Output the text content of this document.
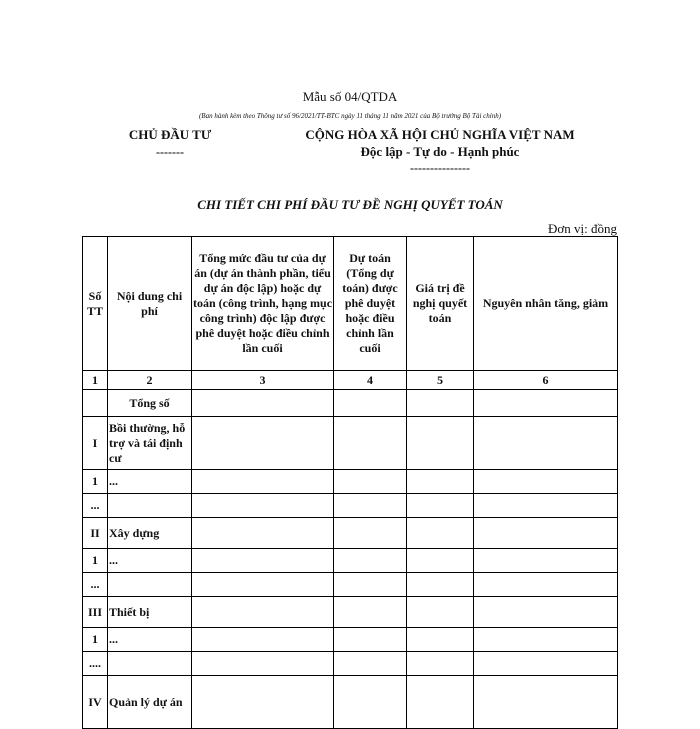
Mẫu số 04/QTDA
(Ban hành kèm theo Thông tư số 96/2021/TT-BTC ngày 11 tháng 11 năm 2021 của Bộ trưởng Bộ Tài chính)
CHỦ ĐẦU TƯ
-------
CỘNG HÒA XÃ HỘI CHỦ NGHĨA VIỆT NAM
Độc lập - Tự do - Hạnh phúc
---------------
CHI TIẾT CHI PHÍ ĐẦU TƯ ĐỀ NGHỊ QUYẾT TOÁN
Đơn vị: đồng
Số TT	Nội dung chi phí	Tổng mức đầu tư của dự án (dự án thành phần, tiểu dự án độc lập) hoặc dự toán (công trình, hạng mục công trình) độc lập được phê duyệt hoặc điều chỉnh lần cuối	Dự toán (Tổng dự toán) được phê duyệt hoặc điều chỉnh lần cuối	Giá trị đề nghị quyết toán	Nguyên nhân tăng, giảm
1	2	3	4	5	6
	Tổng số				
I	Bồi thường, hỗ trợ và tái định cư				
1	...				
...					
II	Xây dựng				
1	...				
...					
III	Thiết bị				
1	...				
....					
IV	Quản lý dự án				
